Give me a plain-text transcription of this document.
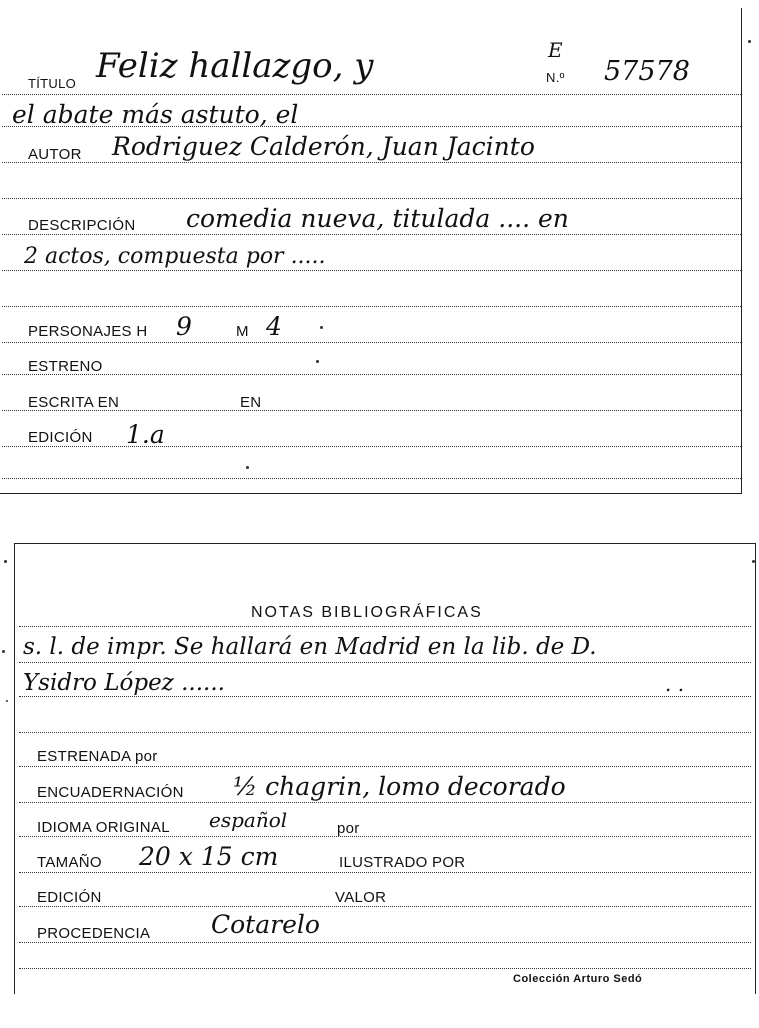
TÍTULO Feliz hallazgo, y	E
N.º 57578
el abate más astuto, el
AUTOR Rodriguez Calderón, Juan Jacinto
DESCRIPCIÓN comedia nueva, titulada .... en
2 actos, compuesta por .....
PERSONAJES H 9	M 4
ESTRENO
ESCRITA EN	EN
EDICIÓN 1.a
NOTAS BIBLIOGRÁFICAS
s. l. de impr. Se hallará en Madrid en la lib. de D.
Ysidro López ......	. .
ESTRENADA por
ENCUADERNACIÓN ½ chagrin, lomo decorado
IDIOMA ORIGINAL español	por
TAMAÑO 20 x 15 cm	ILUSTRADO POR
EDICIÓN	VALOR
PROCEDENCIA Cotarelo
Colección Arturo Sedó
